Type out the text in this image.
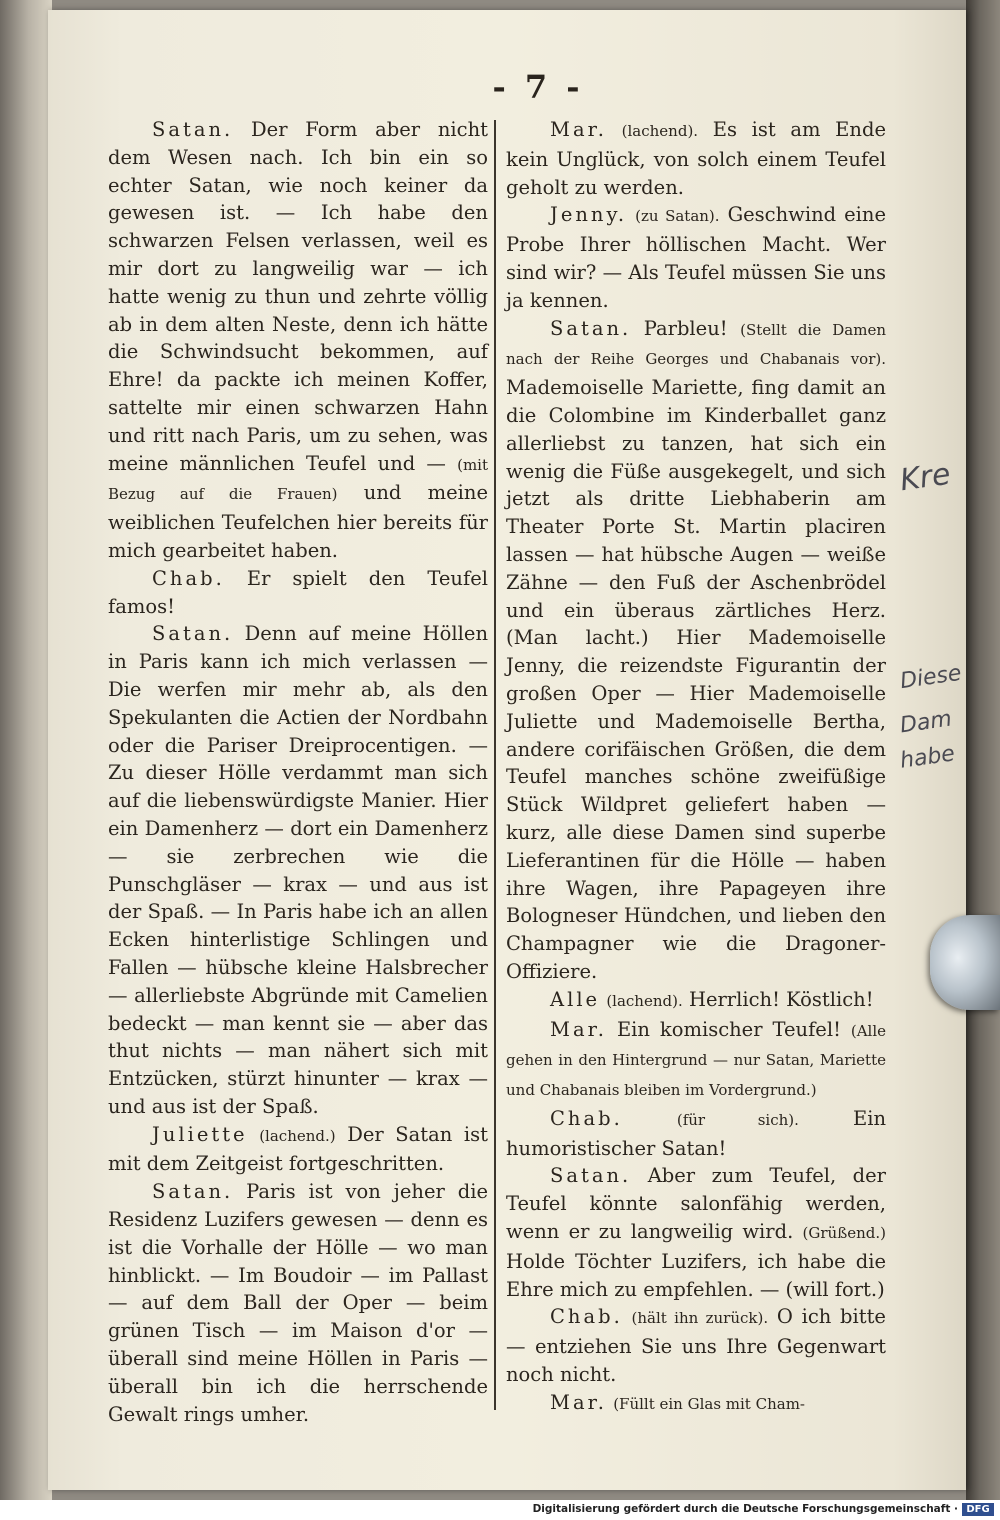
- 7 -

Satan. Der Form aber nicht dem Wesen nach. Ich bin ein so echter Satan, wie noch keiner da gewesen ist. — Ich habe den schwarzen Felsen verlassen, weil es mir dort zu langweilig war — ich hatte wenig zu thun und zehrte völlig ab in dem alten Neste, denn ich hätte die Schwindsucht bekommen, auf Ehre! da packte ich meinen Koffer, sattelte mir einen schwarzen Hahn und ritt nach Paris, um zu sehen, was meine männlichen Teufel und — (mit Bezug auf die Frauen) und meine weiblichen Teufelchen hier bereits für mich gearbeitet haben.

Chab. Er spielt den Teufel famos!

Satan. Denn auf meine Höllen in Paris kann ich mich verlassen — Die werfen mir mehr ab, als den Spekulanten die Actien der Nordbahn oder die Pariser Dreiprocentigen. — Zu dieser Hölle verdammt man sich auf die liebenswürdigste Manier. Hier ein Damenherz — dort ein Damenherz — sie zerbrechen wie die Punschgläser — krax — und aus ist der Spaß. — In Paris habe ich an allen Ecken hinterlistige Schlingen und Fallen — hübsche kleine Halsbrecher — allerliebste Abgründe mit Camelien bedeckt — man kennt sie — aber das thut nichts — man nähert sich mit Entzücken, stürzt hinunter — krax — und aus ist der Spaß.

Juliette (lachend.) Der Satan ist mit dem Zeitgeist fortgeschritten.

Satan. Paris ist von jeher die Residenz Luzifers gewesen — denn es ist die Vorhalle der Hölle — wo man hinblickt. — Im Boudoir — im Pallast — auf dem Ball der Oper — beim grünen Tisch — im Maison d'or — überall sind meine Höllen in Paris — überall bin ich die herrschende Gewalt rings umher.

Mar. (lachend). Es ist am Ende kein Unglück, von solch einem Teufel geholt zu werden.

Jenny. (zu Satan). Geschwind eine Probe Ihrer höllischen Macht. Wer sind wir? — Als Teufel müssen Sie uns ja kennen.

Satan. Parbleu! (Stellt die Damen nach der Reihe Georges und Chabanais vor). Mademoiselle Mariette, fing damit an die Colombine im Kinderballet ganz allerliebst zu tanzen, hat sich ein wenig die Füße ausgekegelt, und sich jetzt als dritte Liebhaberin am Theater Porte St. Martin placiren lassen — hat hübsche Augen — weiße Zähne — den Fuß der Aschenbrödel und ein überaus zärtliches Herz. (Man lacht.) Hier Mademoiselle Jenny, die reizendste Figurantin der großen Oper — Hier Mademoiselle Juliette und Mademoiselle Bertha, andere corifäischen Größen, die dem Teufel manches schöne zweifüßige Stück Wildpret geliefert haben — kurz, alle diese Damen sind superbe Lieferantinen für die Hölle — haben ihre Wagen, ihre Papageyen ihre Bologneser Hündchen, und lieben den Champagner wie die Dragoner-Offiziere.

Alle (lachend). Herrlich! Köstlich!

Mar. Ein komischer Teufel! (Alle gehen in den Hintergrund — nur Satan, Mariette und Chabanais bleiben im Vordergrund.)

Chab.	(für sich).	Ein humoristischer Satan!

Satan. Aber zum Teufel, der Teufel könnte salonfähig werden, wenn er zu langweilig wird. (Grüßend.) Holde Töchter Luzifers, ich habe die Ehre mich zu empfehlen. — (will fort.)

Chab. (hält ihn zurück). O ich bitte — entziehen Sie uns Ihre Gegenwart noch nicht.

Mar. (Füllt ein Glas mit Cham-

Kre
Diese
Dam
habe
Digitalisierung gefördert durch die Deutsche Forschungsgemeinschaft · DFG
